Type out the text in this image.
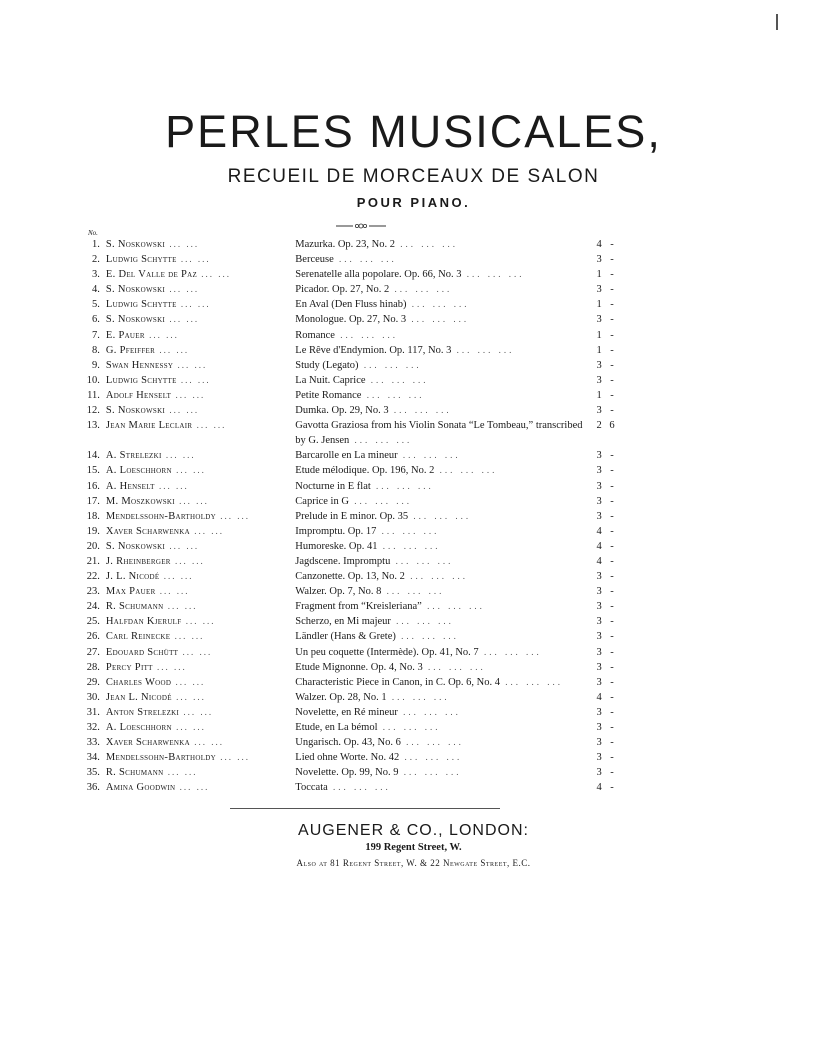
PERLES MUSICALES,
RECUEIL DE MORCEAUX DE SALON
POUR PIANO.
No.
1.	S. Noskowski ... ...	Mazurka. Op. 23, No. 2 ... ... ...	4	-
2.	Ludwig Schytte ... ...	Berceuse ... ... ...	3	-
3.	E. Del Valle de Paz ... ...	Serenatelle alla popolare. Op. 66, No. 3 ... ... ...	1	-
4.	S. Noskowski ... ...	Picador. Op. 27, No. 2 ... ... ...	3	-
5.	Ludwig Schytte ... ...	En Aval (Den Fluss hinab) ... ... ...	1	-
6.	S. Noskowski ... ...	Monologue. Op. 27, No. 3 ... ... ...	3	-
7.	E. Pauer ... ...	Romance ... ... ...	1	-
8.	G. Pfeiffer ... ...	Le Rêve d'Endymion. Op. 117, No. 3 ... ... ...	1	-
9.	Swan Hennessy ... ...	Study (Legato) ... ... ...	3	-
10.	Ludwig Schytte ... ...	La Nuit. Caprice ... ... ...	3	-
11.	Adolf Henselt ... ...	Petite Romance ... ... ...	1	-
12.	S. Noskowski ... ...	Dumka. Op. 29, No. 3 ... ... ...	3	-
13.	Jean Marie Leclair ... ...	Gavotta Graziosa from his Violin Sonata “Le Tombeau,” transcribed by G. Jensen ... ... ...	2	6
14.	A. Strelezki ... ...	Barcarolle en La mineur ... ... ...	3	-
15.	A. Loeschhorn ... ...	Etude mélodique. Op. 196, No. 2 ... ... ...	3	-
16.	A. Henselt ... ...	Nocturne in E flat ... ... ...	3	-
17.	M. Moszkowski ... ...	Caprice in G ... ... ...	3	-
18.	Mendelssohn-Bartholdy ... ...	Prelude in E minor. Op. 35 ... ... ...	3	-
19.	Xaver Scharwenka ... ...	Impromptu. Op. 17 ... ... ...	4	-
20.	S. Noskowski ... ...	Humoreske. Op. 41 ... ... ...	4	-
21.	J. Rheinberger ... ...	Jagdscene. Impromptu ... ... ...	4	-
22.	J. L. Nicodé ... ...	Canzonette. Op. 13, No. 2 ... ... ...	3	-
23.	Max Pauer ... ...	Walzer. Op. 7, No. 8 ... ... ...	3	-
24.	R. Schumann ... ...	Fragment from “Kreisleriana” ... ... ...	3	-
25.	Halfdan Kjerulf ... ...	Scherzo, en Mi majeur ... ... ...	3	-
26.	Carl Reinecke ... ...	Ländler (Hans & Grete) ... ... ...	3	-
27.	Edouard Schütt ... ...	Un peu coquette (Intermède). Op. 41, No. 7 ... ... ...	3	-
28.	Percy Pitt ... ...	Etude Mignonne. Op. 4, No. 3 ... ... ...	3	-
29.	Charles Wood ... ...	Characteristic Piece in Canon, in C. Op. 6, No. 4 ... ... ...	3	-
30.	Jean L. Nicodé ... ...	Walzer. Op. 28, No. 1 ... ... ...	4	-
31.	Anton Strelezki ... ...	Novelette, en Ré mineur ... ... ...	3	-
32.	A. Loeschhorn ... ...	Etude, en La bémol ... ... ...	3	-
33.	Xaver Scharwenka ... ...	Ungarisch. Op. 43, No. 6 ... ... ...	3	-
34.	Mendelssohn-Bartholdy ... ...	Lied ohne Worte. No. 42 ... ... ...	3	-
35.	R. Schumann ... ...	Novelette. Op. 99, No. 9 ... ... ...	3	-
36.	Amina Goodwin ... ...	Toccata ... ... ...	4	-
AUGENER & CO., LONDON:
199 Regent Street, W.
Also at 81 Regent Street, W. & 22 Newgate Street, E.C.
